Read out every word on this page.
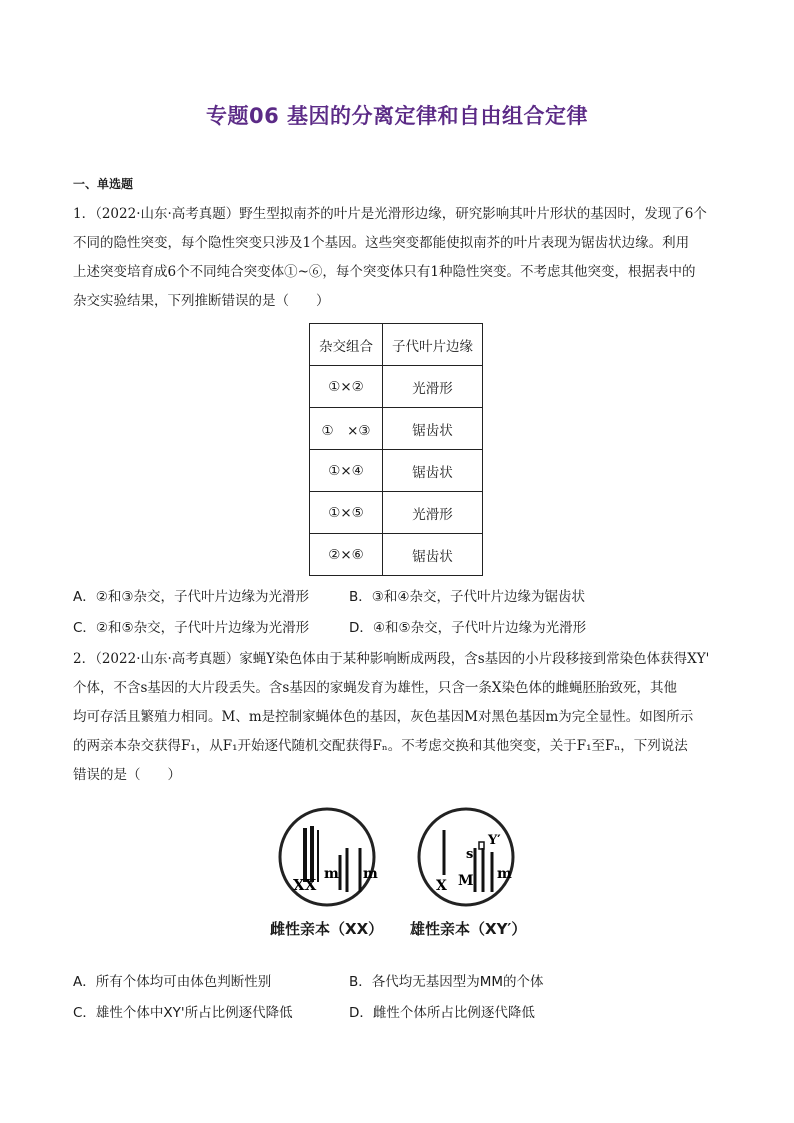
专题06 基因的分离定律和自由组合定律
一、单选题
1．（2022·山东·高考真题）野生型拟南芥的叶片是光滑形边缘，研究影响其叶片形状的基因时，发现了6个
不同的隐性突变，每个隐性突变只涉及1个基因。这些突变都能使拟南芥的叶片表现为锯齿状边缘。利用
上述突变培育成6个不同纯合突变体①~⑥，每个突变体只有1种隐性突变。不考虑其他突变，根据表中的
杂交实验结果，下列推断错误的是（　　）
杂交组合	子代叶片边缘
①×②	光滑形
①　×③	锯齿状
①×④	锯齿状
①×⑤	光滑形
②×⑥	锯齿状
A．②和③杂交，子代叶片边缘为光滑形	B．③和④杂交，子代叶片边缘为锯齿状
C．②和⑤杂交，子代叶片边缘为光滑形	D．④和⑤杂交，子代叶片边缘为光滑形
2．（2022·山东·高考真题）家蝇Y染色体由于某种影响断成两段，含s基因的小片段移接到常染色体获得XY'
个体，不含s基因的大片段丢失。含s基因的家蝇发育为雄性，只含一条X染色体的雌蝇胚胎致死，其他
均可存活且繁殖力相同。M、m是控制家蝇体色的基因，灰色基因M对黑色基因m为完全显性。如图所示
的两亲本杂交获得F₁，从F₁开始逐代随机交配获得Fₙ。不考虑交换和其他突变，关于F₁至Fₙ，下列说法
错误的是（　　）
XX
m m
X
s
M
Y′
m
雌性亲本（XX） 雄性亲本（XY′）
A．所有个体均可由体色判断性别	B．各代均无基因型为MM的个体
C．雄性个体中XY'所占比例逐代降低	D．雌性个体所占比例逐代降低
